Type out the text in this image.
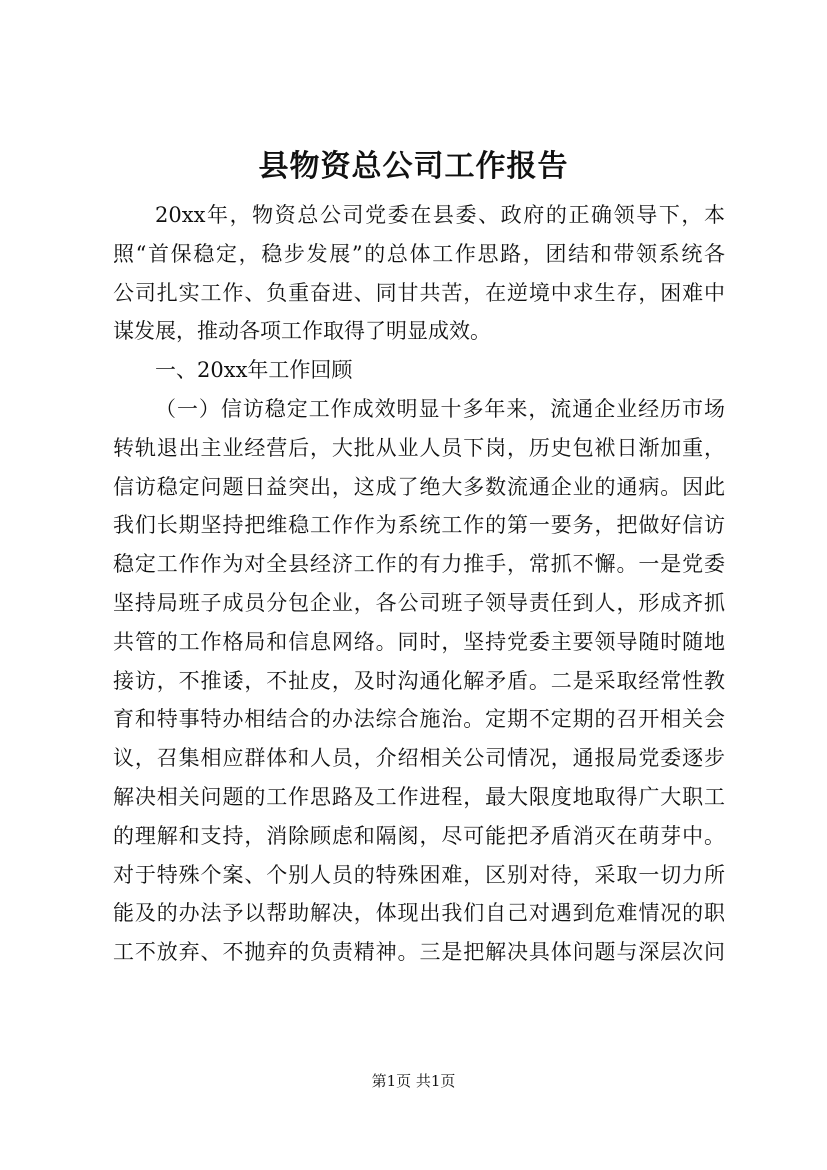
县物资总公司工作报告
20xx年，物资总公司党委在县委、政府的正确领导下，本
照“首保稳定，稳步发展”的总体工作思路，团结和带领系统各
公司扎实工作、负重奋进、同甘共苦，在逆境中求生存，困难中
谋发展，推动各项工作取得了明显成效。
一、20xx年工作回顾
（一）信访稳定工作成效明显十多年来，流通企业经历市场
转轨退出主业经营后，大批从业人员下岗，历史包袱日渐加重，
信访稳定问题日益突出，这成了绝大多数流通企业的通病。因此
我们长期坚持把维稳工作作为系统工作的第一要务，把做好信访
稳定工作作为对全县经济工作的有力推手，常抓不懈。一是党委
坚持局班子成员分包企业，各公司班子领导责任到人，形成齐抓
共管的工作格局和信息网络。同时，坚持党委主要领导随时随地
接访，不推诿，不扯皮，及时沟通化解矛盾。二是采取经常性教
育和特事特办相结合的办法综合施治。定期不定期的召开相关会
议，召集相应群体和人员，介绍相关公司情况，通报局党委逐步
解决相关问题的工作思路及工作进程，最大限度地取得广大职工
的理解和支持，消除顾虑和隔阂，尽可能把矛盾消灭在萌芽中。
对于特殊个案、个别人员的特殊困难，区别对待，采取一切力所
能及的办法予以帮助解决，体现出我们自己对遇到危难情况的职
工不放弃、不抛弃的负责精神。三是把解决具体问题与深层次问
第1页 共1页
